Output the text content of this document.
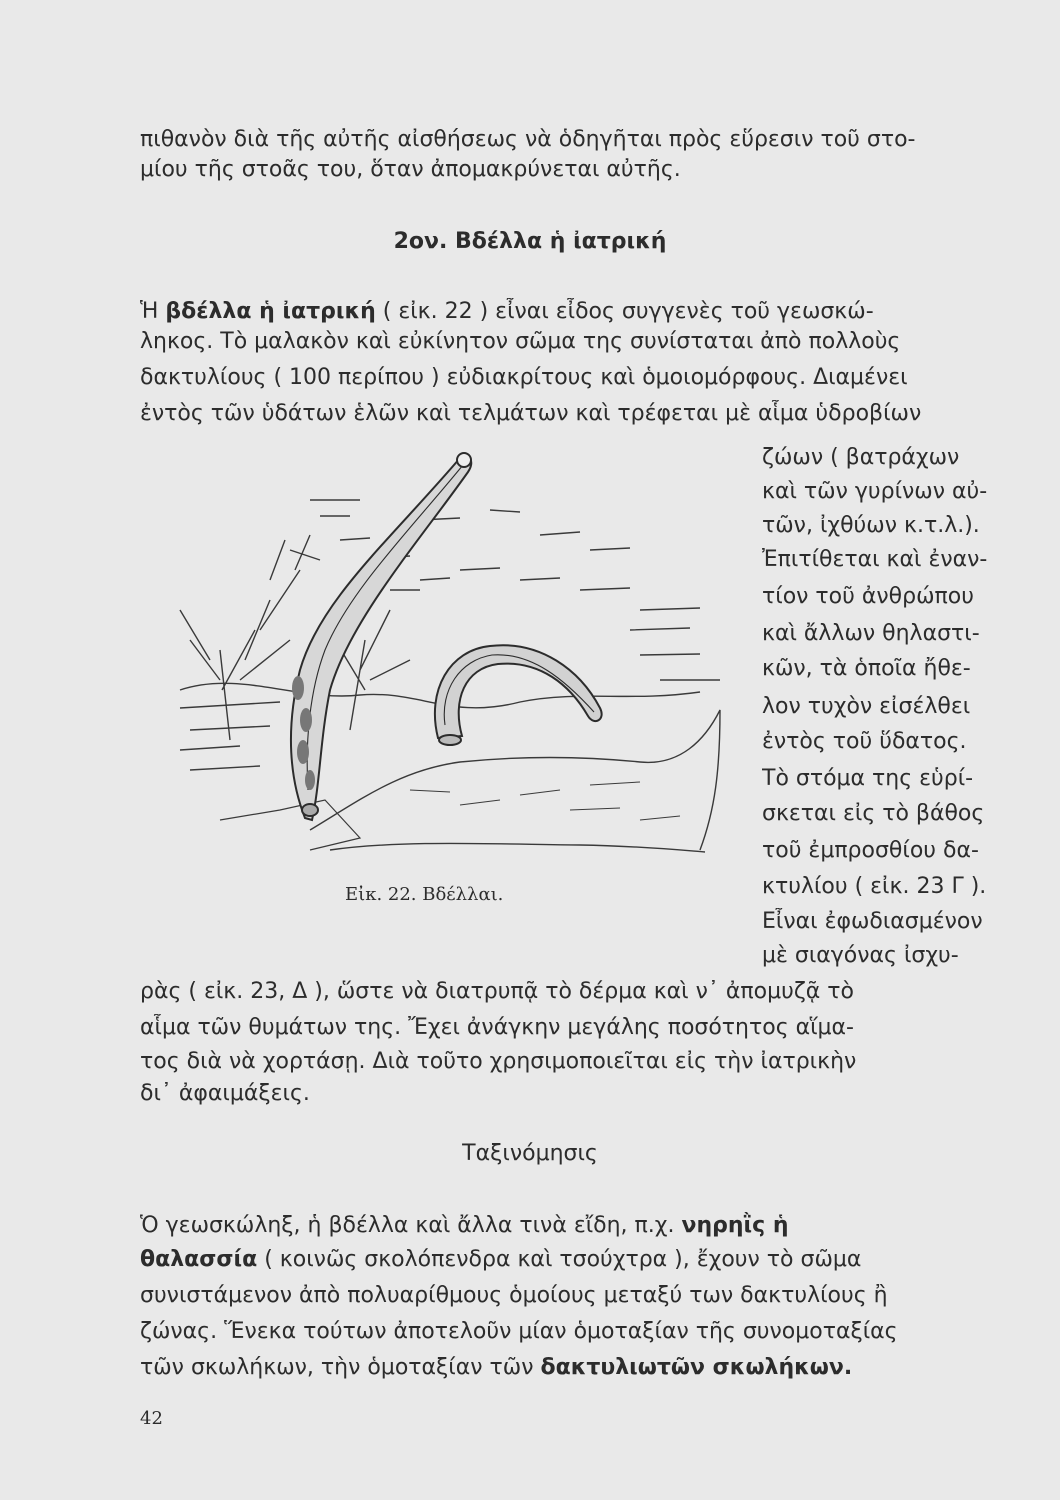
πιθανὸν διὰ τῆς αὐτῆς αἰσθήσεως νὰ ὁδηγῆται πρὸς εὕρεσιν τοῦ στο-
μίου τῆς στοᾶς του, ὅταν ἀπομακρύνεται αὐτῆς.
2ον. Βδέλλα ἡ ἰατρική
Ἡ βδέλλα ἡ ἰατρική ( εἰκ. 22 ) εἶναι εἶδος συγγενὲς τοῦ γεωσκώ-
ληκος. Τὸ μαλακὸν καὶ εὐκίνητον σῶμα της συνίσταται ἀπὸ πολλοὺς
δακτυλίους ( 100 περίπου ) εὐδιακρίτους καὶ ὁμοιομόρφους. Διαμένει
ἐντὸς τῶν ὑδάτων ἑλῶν καὶ τελμάτων καὶ τρέφεται μὲ αἷμα ὑδροβίων
ζώων ( βατράχων
καὶ τῶν γυρίνων αὐ-
τῶν, ἰχθύων κ.τ.λ.).
Ἐπιτίθεται καὶ ἐναν-
τίον τοῦ ἀνθρώπου
καὶ ἄλλων θηλαστι-
κῶν, τὰ ὁποῖα ἤθε-
λον τυχὸν εἰσέλθει
ἐντὸς τοῦ ὕδατος.
Τὸ στόμα της εὑρί-
σκεται εἰς τὸ βάθος
τοῦ ἐμπροσθίου δα-
κτυλίου ( εἰκ. 23 Γ ).
Εἶναι ἐφωδιασμένον
μὲ σιαγόνας ἰσχυ-
Εἰκ. 22. Βδέλλαι.
ρὰς ( εἰκ. 23, Δ ), ὥστε νὰ διατρυπᾷ τὸ δέρμα καὶ ν᾽ ἀπομυζᾷ τὸ
αἷμα τῶν θυμάτων της. Ἔχει ἀνάγκην μεγάλης ποσότητος αἵμα-
τος διὰ νὰ χορτάσῃ. Διὰ τοῦτο χρησιμοποιεῖται εἰς τὴν ἰατρικὴν
δι᾽ ἀφαιμάξεις.
Ταξινόμησις
Ὁ γεωσκώληξ, ἡ βδέλλα καὶ ἄλλα τινὰ εἴδη, π.χ. νηρηῒς ἡ
θαλασσία ( κοινῶς σκολόπενδρα καὶ τσούχτρα ), ἔχουν τὸ σῶμα
συνιστάμενον ἀπὸ πολυαρίθμους ὁμοίους μεταξύ των δακτυλίους ἢ
ζώνας. Ἕνεκα τούτων ἀποτελοῦν μίαν ὁμοταξίαν τῆς συνομοταξίας
τῶν σκωλήκων, τὴν ὁμοταξίαν τῶν δακτυλιωτῶν σκωλήκων.
42
